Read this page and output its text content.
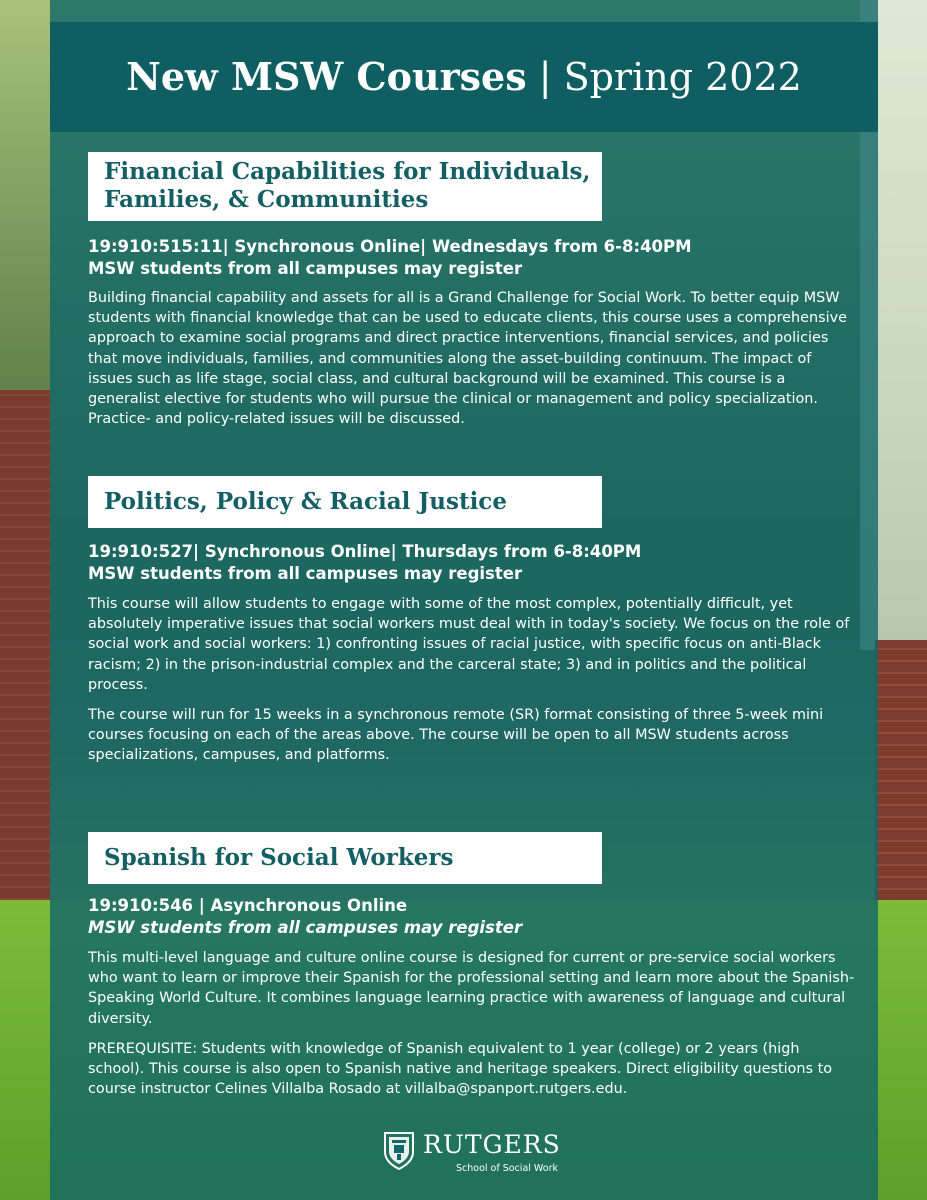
New MSW Courses | Spring 2022
Financial Capabilities for Individuals,
Families, & Communities
19:910:515:11| Synchronous Online| Wednesdays from 6-8:40PM
MSW students from all campuses may register

Building financial capability and assets for all is a Grand Challenge for Social Work. To better equip MSW students with financial knowledge that can be used to educate clients, this course uses a comprehensive approach to examine social programs and direct practice interventions, financial services, and policies that move individuals, families, and communities along the asset-building continuum. The impact of issues such as life stage, social class, and cultural background will be examined. This course is a generalist elective for students who will pursue the clinical or management and policy specialization. Practice- and policy-related issues will be discussed.

Politics, Policy & Racial Justice
19:910:527| Synchronous Online| Thursdays from 6-8:40PM
MSW students from all campuses may register

This course will allow students to engage with some of the most complex, potentially difficult, yet absolutely imperative issues that social workers must deal with in today's society. We focus on the role of social work and social workers: 1) confronting issues of racial justice, with specific focus on anti-Black racism; 2) in the prison-industrial complex and the carceral state; 3) and in politics and the political process.

The course will run for 15 weeks in a synchronous remote (SR) format consisting of three 5-week mini courses focusing on each of the areas above. The course will be open to all MSW students across specializations, campuses, and platforms.

Spanish for Social Workers
19:910:546 | Asynchronous Online
MSW students from all campuses may register

This multi-level language and culture online course is designed for current or pre-service social workers who want to learn or improve their Spanish for the professional setting and learn more about the Spanish-Speaking World Culture. It combines language learning practice with awareness of language and cultural diversity.

PREREQUISITE: Students with knowledge of Spanish equivalent to 1 year (college) or 2 years (high school). This course is also open to Spanish native and heritage speakers. Direct eligibility questions to course instructor Celines Villalba Rosado at villalba@spanport.rutgers.edu.

RUTGERS
School of Social Work
